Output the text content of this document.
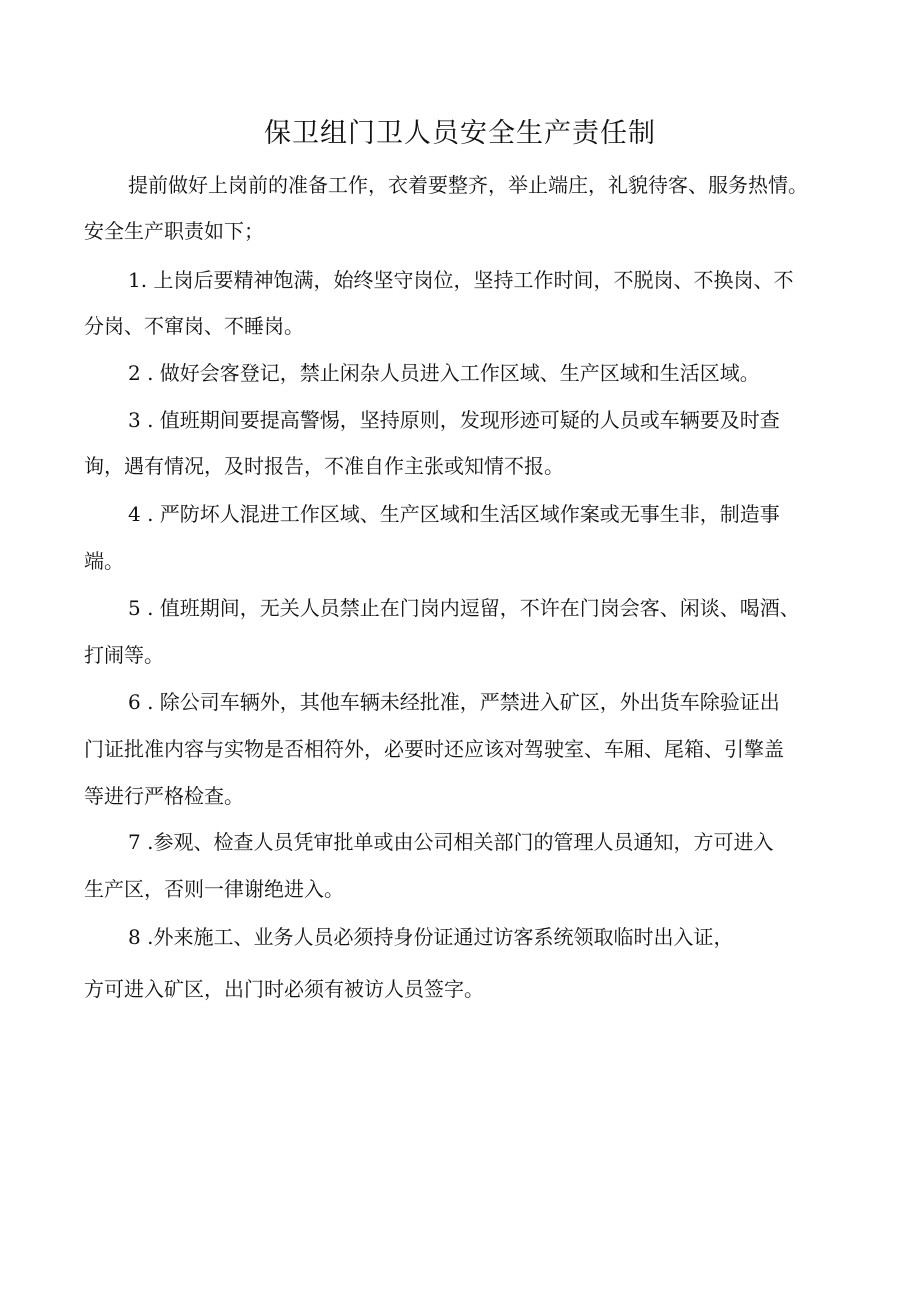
保卫组门卫人员安全生产责任制

提前做好上岗前的准备工作，衣着要整齐，举止端庄，礼貌待客、服务热情。

安全生产职责如下；

1. 上岗后要精神饱满，始终坚守岗位，坚持工作时间，不脱岗、不换岗、不

分岗、不窜岗、不睡岗。

2 . 做好会客登记，禁止闲杂人员进入工作区域、生产区域和生活区域。

3 . 值班期间要提高警惕，坚持原则，发现形迹可疑的人员或车辆要及时查

询，遇有情况，及时报告，不准自作主张或知情不报。

4 . 严防坏人混进工作区域、生产区域和生活区域作案或无事生非，制造事

端。

5 . 值班期间，无关人员禁止在门岗内逗留，不许在门岗会客、闲谈、喝酒、

打闹等。

6 . 除公司车辆外，其他车辆未经批准，严禁进入矿区，外出货车除验证出

门证批准内容与实物是否相符外，必要时还应该对驾驶室、车厢、尾箱、引擎盖

等进行严格检查。

7 .参观、检查人员凭审批单或由公司相关部门的管理人员通知，方可进入

生产区，否则一律谢绝进入。

8 .外来施工、业务人员必须持身份证通过访客系统领取临时出入证，

方可进入矿区，出门时必须有被访人员签字。
